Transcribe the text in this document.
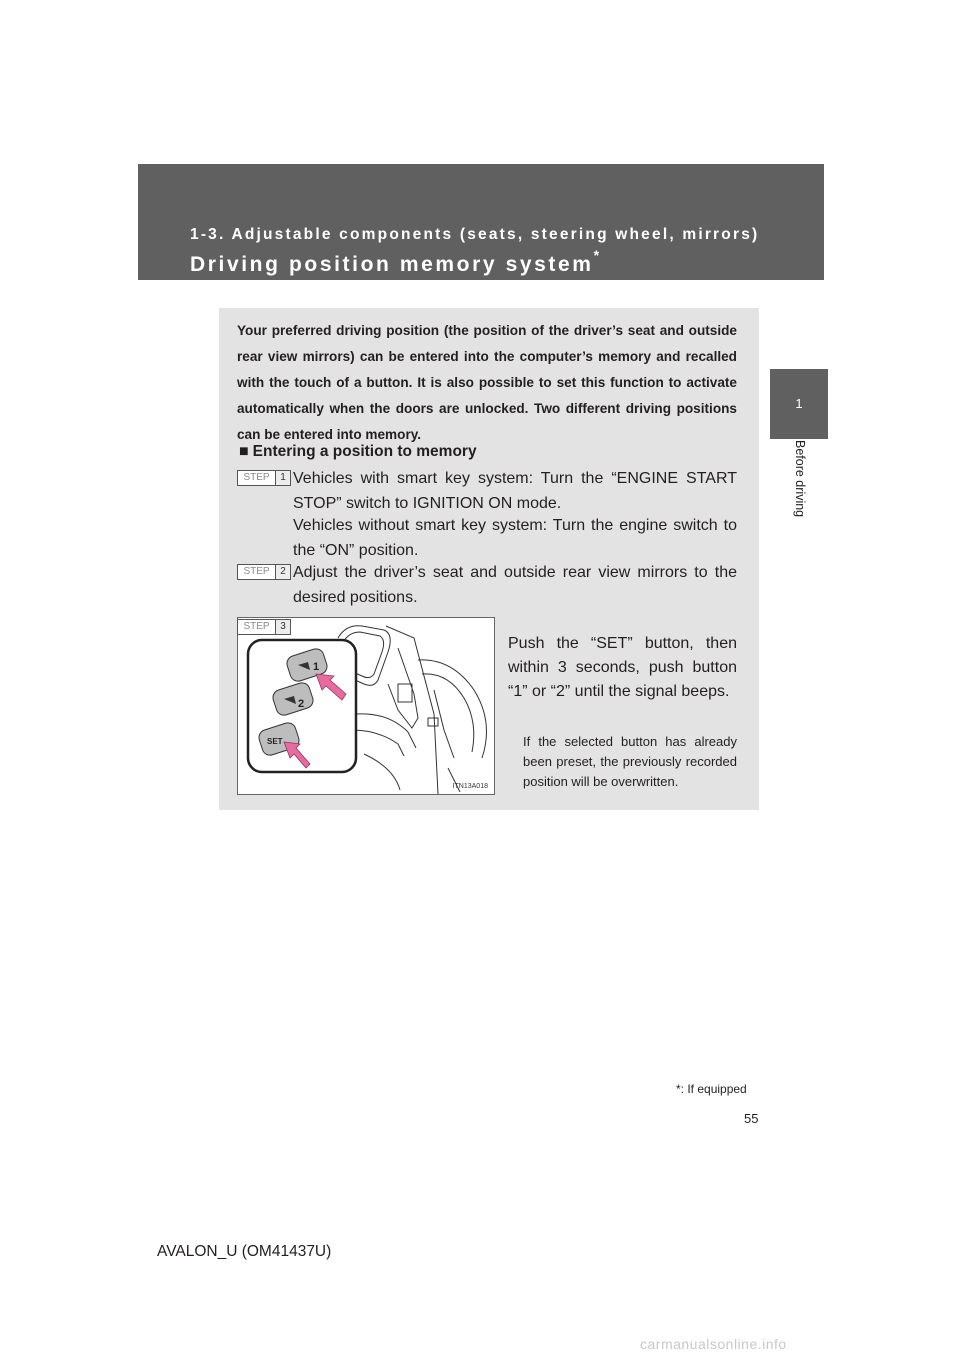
1-3. Adjustable components (seats, steering wheel, mirrors)
Driving position memory system*
1
Before driving
Your preferred driving position (the position of the driver’s seat and outside rear view mirrors) can be entered into the computer’s memory and recalled with the touch of a button. It is also possible to set this function to activate automatically when the doors are unlocked. Two different driving positions can be entered into memory.
■ Entering a position to memory
STEP	1 Vehicles with smart key system: Turn the “ENGINE START STOP” switch to IGNITION ON mode.
Vehicles without smart key system: Turn the engine switch to the “ON” position.
STEP	2 Adjust the driver’s seat and outside rear view mirrors to the desired positions.
1
2
SET
ITN13A018
STEP	3
Push the “SET” button, then within 3 seconds, push button “1” or “2” until the signal beeps.
If the selected button has already been preset, the previously recorded position will be overwritten.
*: If equipped
55
AVALON_U (OM41437U)
carmanualsonline.info
